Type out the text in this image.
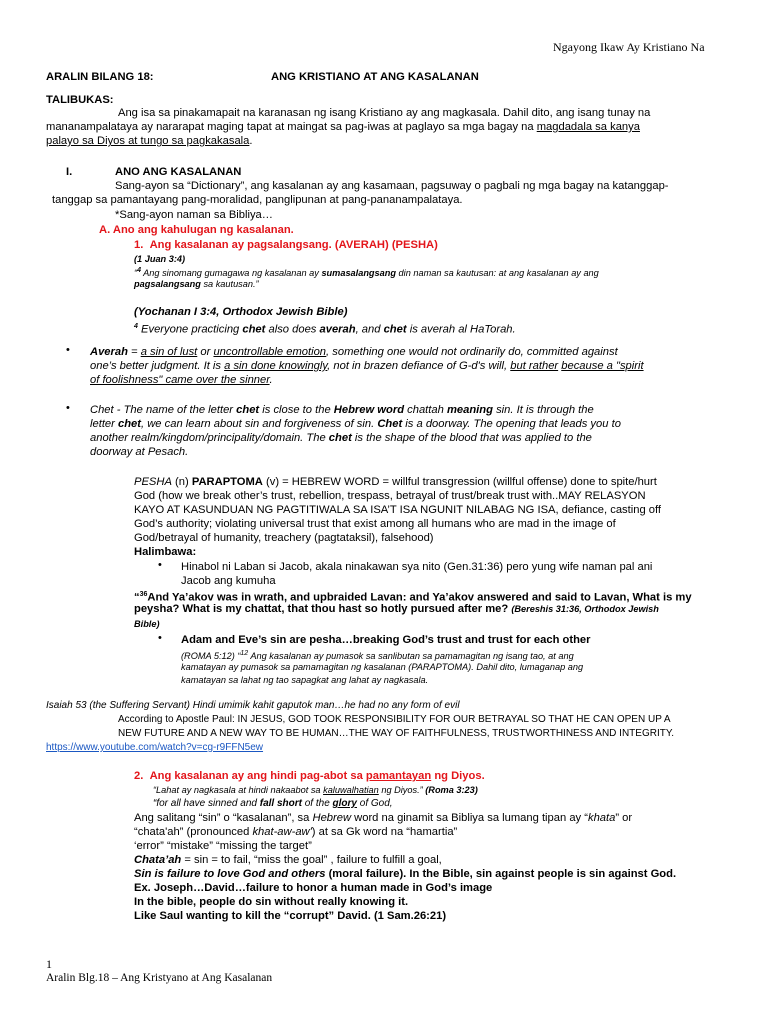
Ngayong Ikaw Ay Kristiano Na
ARALIN BILANG 18:	ANG KRISTIANO AT ANG KASALANAN
TALIBUKAS:
Ang isa sa pinakamapait na karanasan ng isang Kristiano ay ang magkasala. Dahil dito, ang isang tunay na
mananampalataya ay nararapat maging tapat at maingat sa pag-iwas at paglayo sa mga bagay na magdadala sa kanya
palayo sa Diyos at tungo sa pagkakasala.
I.	ANO ANG KASALANAN
Sang-ayon sa “Dictionary”, ang kasalanan ay ang kasamaan, pagsuway o pagbali ng mga bagay na katanggap-
tanggap sa pamantayang pang-moralidad, panglipunan at pang-pananampalataya.
*Sang-ayon naman sa Bibliya…
A. Ano ang kahulugan ng kasalanan.
1. Ang kasalanan ay pagsalangsang. (AVERAH) (PESHA)
(1 Juan 3:4)
“$^4$ Ang sinomang gumagawa ng kasalanan ay sumasalangsang din naman sa kautusan: at ang kasalanan ay ang
pagsalangsang sa kautusan.”
(Yochanan I 3:4, Orthodox Jewish Bible)
$^4$ Everyone practicing chet also does averah, and chet is averah al HaTorah.
• Averah = a sin of lust or uncontrollable emotion, something one would not ordinarily do, committed against
one’s better judgment. It is a sin done knowingly, not in brazen defiance of G-d's will, but rather because a "spirit
of foolishness" came over the sinner.
• Chet - The name of the letter chet is close to the Hebrew word chattah meaning sin. It is through the
letter chet, we can learn about sin and forgiveness of sin. Chet is a doorway. The opening that leads you to
another realm/kingdom/principality/domain. The chet is the shape of the blood that was applied to the
doorway at Pesach.
PESHA (n) PARAPTOMA (v) = HEBREW WORD = willful transgression (willful offense) done to spite/hurt
God (how we break other’s trust, rebellion, trespass, betrayal of trust/break trust with..MAY RELASYON
KAYO AT KASUNDUAN NG PAGTITIWALA SA ISA’T ISA NGUNIT NILABAG NG ISA, defiance, casting off
God’s authority; violating universal trust that exist among all humans who are mad in the image of
God/betrayal of humanity, treachery (pagtataksil), falsehood)
Halimbawa:
• Hinabol ni Laban si Jacob, akala ninakawan sya nito (Gen.31:36) pero yung wife naman pal ani
Jacob ang kumuha
“$^{36}$And Ya’akov was in wrath, and upbraided Lavan: and Ya’akov answered and said to Lavan, What is my
peysha? What is my chattat, that thou hast so hotly pursued after me? (Bereshis 31:36, Orthodox Jewish
Bible)
• Adam and Eve’s sin are pesha…breaking God’s trust and trust for each other
(ROMA 5:12) “$^{12}$ Ang kasalanan ay pumasok sa sanlibutan sa pamamagitan ng isang tao, at ang
kamatayan ay pumasok sa pamamagitan ng kasalanan (PARAPTOMA). Dahil dito, lumaganap ang
kamatayan sa lahat ng tao sapagkat ang lahat ay nagkasala.
Isaiah 53 (the Suffering Servant) Hindi umimik kahit gaputok man…he had no any form of evil
According to Apostle Paul: IN JESUS, GOD TOOK RESPONSIBILITY FOR OUR BETRAYAL SO THAT HE CAN OPEN UP A
NEW FUTURE AND A NEW WAY TO BE HUMAN…THE WAY OF FAITHFULNESS, TRUSTWORTHINESS AND INTEGRITY.
https://www.youtube.com/watch?v=cg-r9FFN5ew
2. Ang kasalanan ay ang hindi pag-abot sa pamantayan ng Diyos.
“Lahat ay nagkasala at hindi nakaabot sa kaluwalhatian ng Diyos.” (Roma 3:23)
“for all have sinned and fall short of the glory of God,
Ang salitang “sin” o “kasalanan”, sa Hebrew word na ginamit sa Bibliya sa lumang tipan ay “khata” or
“chata'ah” (pronounced khat-aw-aw') at sa Gk word na “hamartia”
‘error” “mistake” “missing the target”
Chata’ah = sin = to fail, “miss the goal” , failure to fulfill a goal,
Sin is failure to love God and others (moral failure). In the Bible, sin against people is sin against God.
Ex. Joseph…David…failure to honor a human made in God’s image
In the bible, people do sin without really knowing it.
Like Saul wanting to kill the “corrupt” David. (1 Sam.26:21)
1
Aralin Blg.18 – Ang Kristyano at Ang Kasalanan
